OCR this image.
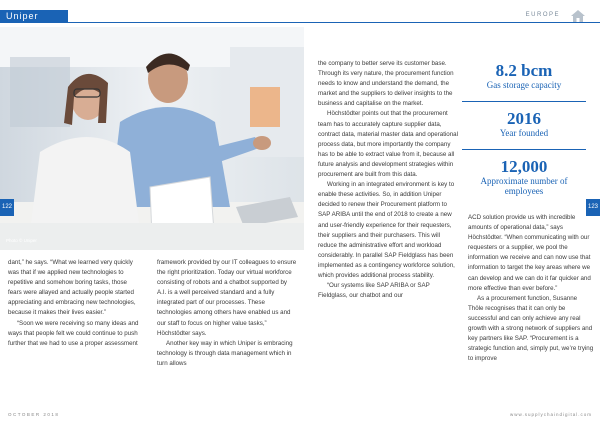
Uniper	EUROPE
Photo © Uniper
122	123

dant,” he says. “What we learned very quickly was that if we applied new technologies to repetitive and somehow boring tasks, those fears were allayed and actually people started appreciating and embracing new technologies, because it makes their lives easier.”

“Soon we were receiving so many ideas and ways that people felt we could continue to push further that we had to use a proper assessment

framework provided by our IT colleagues to ensure the right prioritization. Today our virtual workforce consisting of robots and a chatbot supported by A.I. is a well perceived standard and a fully integrated part of our processes. These technologies among others have enabled us and our staff to focus on higher value tasks,” Höchstödter says.

Another key way in which Uniper is embracing technology is through data management which in turn allows

the company to better serve its customer base. Through its very nature, the procurement function needs to know and understand the demand, the market and the suppliers to deliver insights to the business and capitalise on the market.

Höchstödter points out that the procurement team has to accurately capture supplier data, contract data, material master data and operational process data, but more importantly the company has to be able to extract value from it, because all future analysis and development strategies within procurement are built from this data.

Working in an integrated environment is key to enable these activities. So, in addition Uniper decided to renew their Procurement platform to SAP ARIBA until the end of 2018 to create a new and user-friendly experience for their requesters, their suppliers and their purchasers. This will reduce the administrative effort and workload considerably. In parallel SAP Fieldglass has been implemented as a contingency workforce solution, which provides additional process stability.

“Our systems like SAP ARIBA or SAP Fieldglass, our chatbot and our

ACD solution provide us with incredible amounts of operational data,” says Höchstödter. “When communicating with our requesters or a supplier, we pool the information we receive and can now use that information to target the key areas where we can develop and we can do it far quicker and more effective than ever before.”

As a procurement function, Susanne Thöle recognises that it can only be successful and can only achieve any real growth with a strong network of suppliers and key partners like SAP. “Procurement is a strategic function and, simply put, we’re trying to improve

8.2 bcm
Gas storage capacity
2016
Year founded
12,000
Approximate number of employees
OCTOBER 2018	www.supplychaindigital.com
